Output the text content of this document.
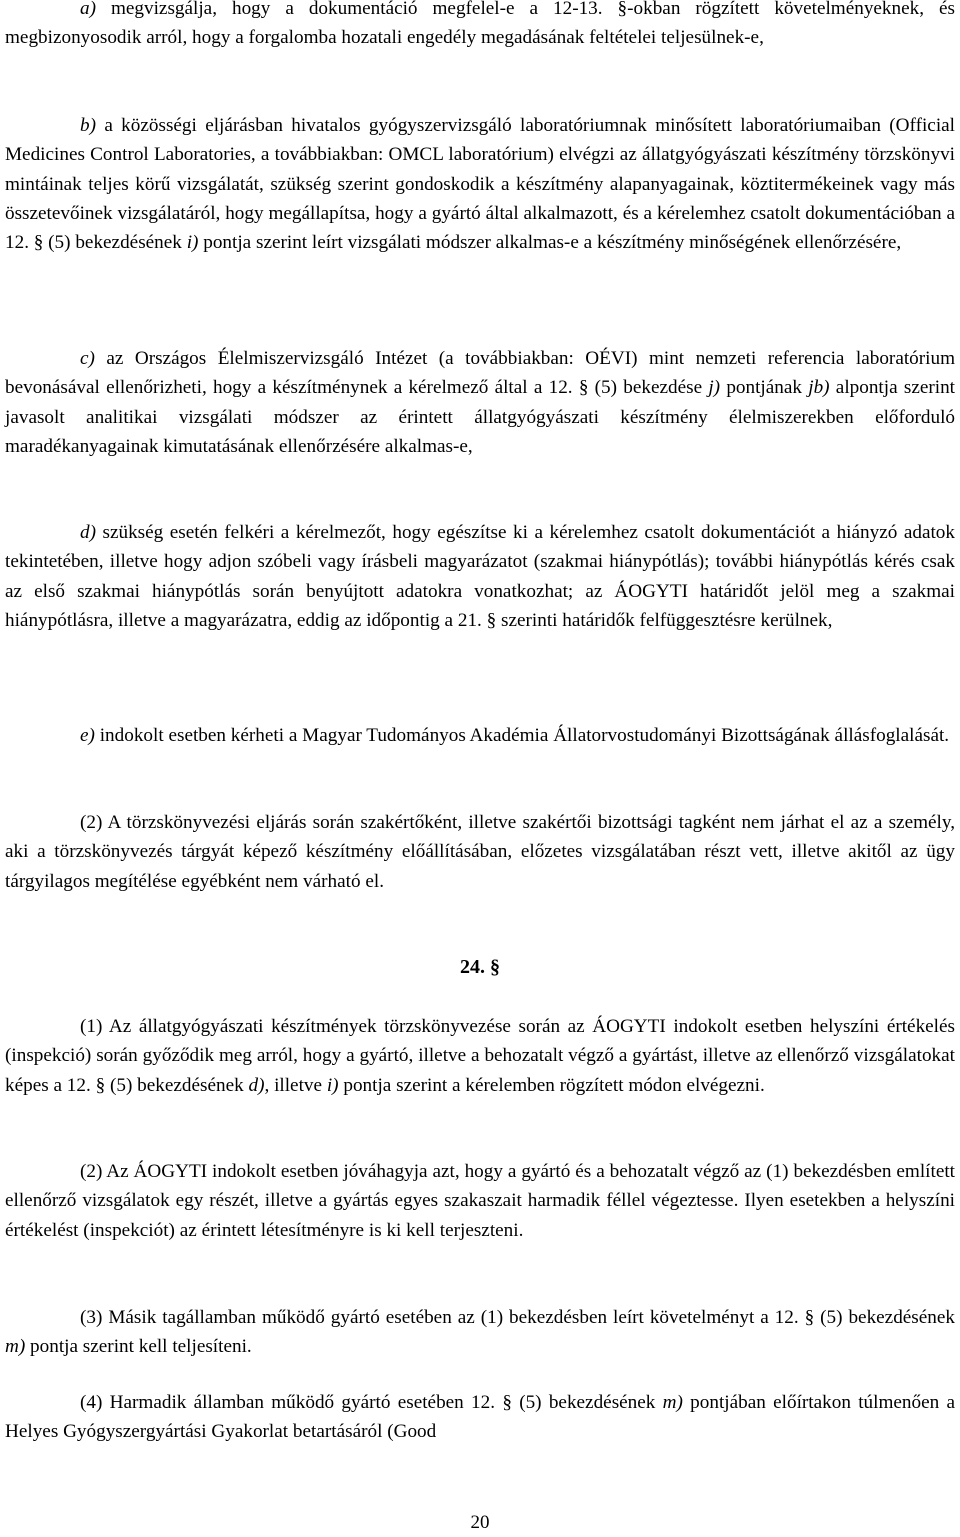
a) megvizsgálja, hogy a dokumentáció megfelel-e a 12-13. §-okban rögzített követelményeknek, és megbizonyosodik arról, hogy a forgalomba hozatali engedély megadásának feltételei teljesülnek-e,

b) a közösségi eljárásban hivatalos gyógyszervizsgáló laboratóriumnak minősített laboratóriumaiban (Official Medicines Control Laboratories, a továbbiakban: OMCL laboratórium) elvégzi az állatgyógyászati készítmény törzskönyvi mintáinak teljes körű vizsgálatát, szükség szerint gondoskodik a készítmény alapanyagainak, köztitermékeinek vagy más összetevőinek vizsgálatáról, hogy megállapítsa, hogy a gyártó által alkalmazott, és a kérelemhez csatolt dokumentációban a 12. § (5) bekezdésének i) pontja szerint leírt vizsgálati módszer alkalmas-e a készítmény minőségének ellenőrzésére,

c) az Országos Élelmiszervizsgáló Intézet (a továbbiakban: OÉVI) mint nemzeti referencia laboratórium bevonásával ellenőrizheti, hogy a készítménynek a kérelmező által a 12. § (5) bekezdése j) pontjának jb) alpontja szerint javasolt analitikai vizsgálati módszer az érintett állatgyógyászati készítmény élelmiszerekben előforduló maradékanyagainak kimutatásának ellenőrzésére alkalmas-e,

d) szükség esetén felkéri a kérelmezőt, hogy egészítse ki a kérelemhez csatolt dokumentációt a hiányzó adatok tekintetében, illetve hogy adjon szóbeli vagy írásbeli magyarázatot (szakmai hiánypótlás); további hiánypótlás kérés csak az első szakmai hiánypótlás során benyújtott adatokra vonatkozhat; az ÁOGYTI határidőt jelöl meg a szakmai hiánypótlásra, illetve a magyarázatra, eddig az időpontig a 21. § szerinti határidők felfüggesztésre kerülnek,

e) indokolt esetben kérheti a Magyar Tudományos Akadémia Állatorvostudományi Bizottságának állásfoglalását.

(2) A törzskönyvezési eljárás során szakértőként, illetve szakértői bizottsági tagként nem járhat el az a személy, aki a törzskönyvezés tárgyát képező készítmény előállításában, előzetes vizsgálatában részt vett, illetve akitől az ügy tárgyilagos megítélése egyébként nem várható el.

24. §

(1) Az állatgyógyászati készítmények törzskönyvezése során az ÁOGYTI indokolt esetben helyszíni értékelés (inspekció) során győződik meg arról, hogy a gyártó, illetve a behozatalt végző a gyártást, illetve az ellenőrző vizsgálatokat képes a 12. § (5) bekezdésének d), illetve i) pontja szerint a kérelemben rögzített módon elvégezni.

(2) Az ÁOGYTI indokolt esetben jóváhagyja azt, hogy a gyártó és a behozatalt végző az (1) bekezdésben említett ellenőrző vizsgálatok egy részét, illetve a gyártás egyes szakaszait harmadik féllel végeztesse. Ilyen esetekben a helyszíni értékelést (inspekciót) az érintett létesítményre is ki kell terjeszteni.

(3) Másik tagállamban működő gyártó esetében az (1) bekezdésben leírt követelményt a 12. § (5) bekezdésének m) pontja szerint kell teljesíteni.

(4) Harmadik államban működő gyártó esetében 12. § (5) bekezdésének m) pontjában előírtakon túlmenően a Helyes Gyógyszergyártási Gyakorlat betartásáról (Good

20
